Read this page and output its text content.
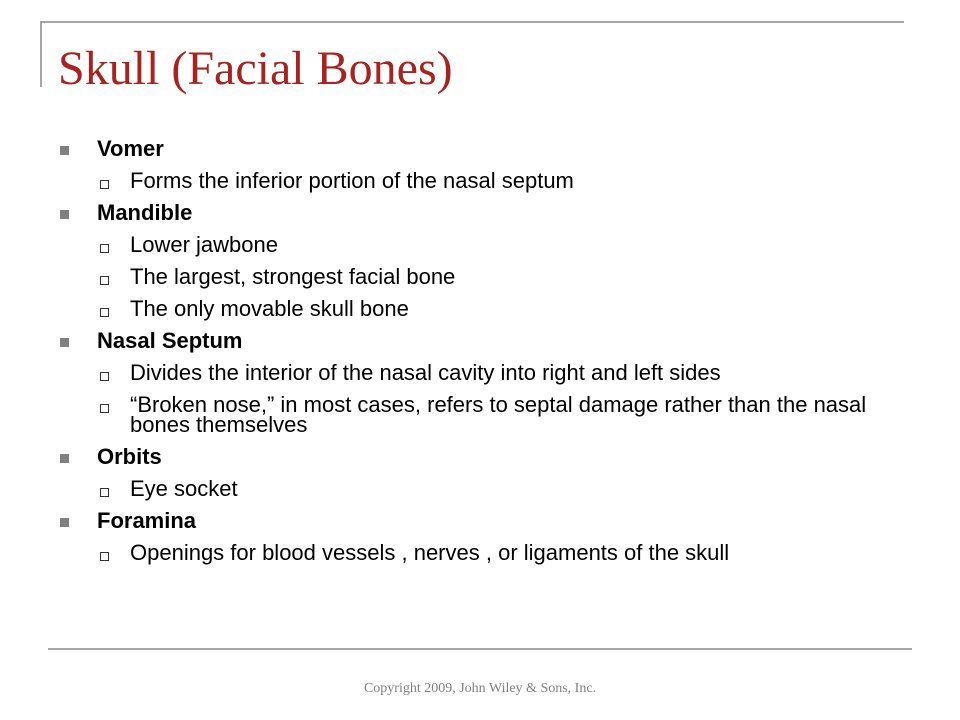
Skull (Facial Bones)
Vomer
Forms the inferior portion of the nasal septum
Mandible
Lower jawbone
The largest, strongest facial bone
The only movable skull bone
Nasal Septum
Divides the interior of the nasal cavity into right and left sides
“Broken nose,” in most cases, refers to septal damage rather than the nasal bones themselves
Orbits
Eye socket
Foramina
Openings for blood vessels , nerves , or ligaments of the skull
Copyright 2009, John Wiley & Sons, Inc.
